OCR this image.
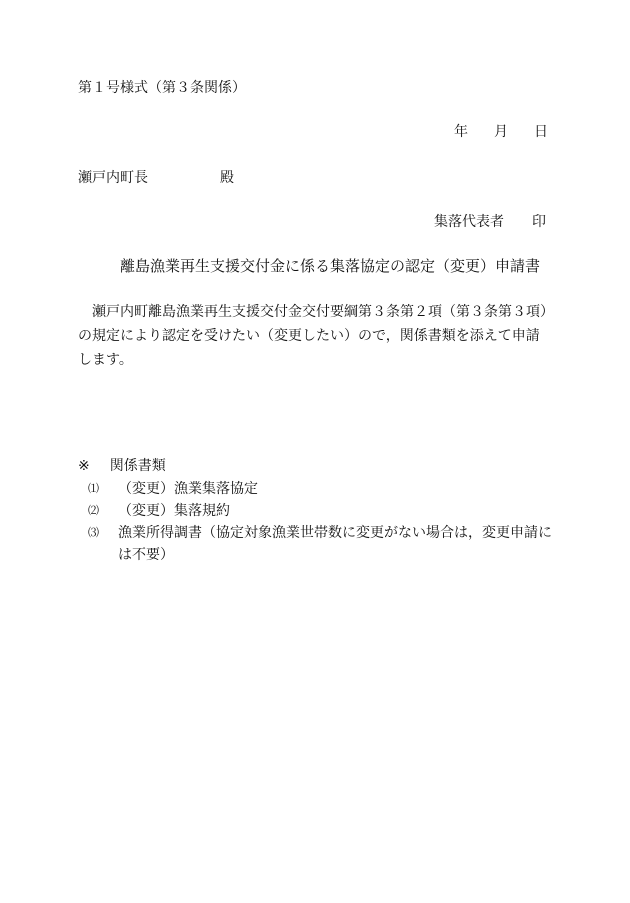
第１号様式（第３条関係）
年 月 日
瀬戸内町長	殿
集落代表者 印
離島漁業再生支援交付金に係る集落協定の認定（変更）申請書
瀬戸内町離島漁業再生支援交付金交付要綱第３条第２項（第３条第３項）の規定により認定を受けたい（変更したい）ので，関係書類を添えて申請します。
※ 関係書類
⑴ （変更）漁業集落協定
⑵ （変更）集落規約
⑶ 漁業所得調書（協定対象漁業世帯数に変更がない場合は，変更申請には不要）
